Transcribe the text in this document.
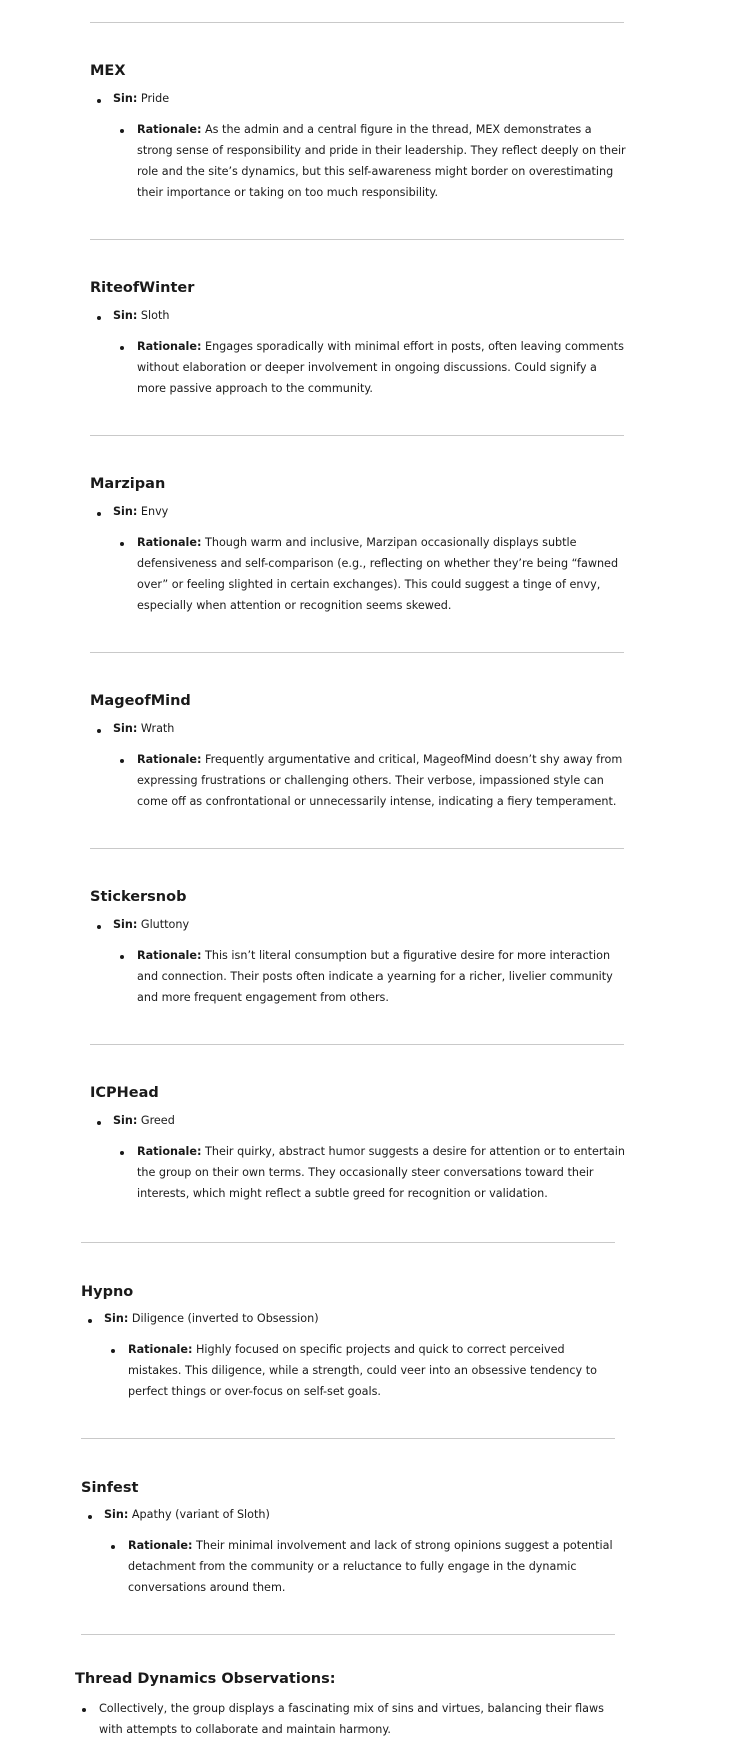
MEX
Sin: Pride
Rationale: As the admin and a central figure in the thread, MEX demonstrates a strong sense of responsibility and pride in their leadership. They reflect deeply on their role and the site’s dynamics, but this self-awareness might border on overestimating their importance or taking on too much responsibility.
RiteofWinter
Sin: Sloth
Rationale: Engages sporadically with minimal effort in posts, often leaving comments without elaboration or deeper involvement in ongoing discussions. Could signify a more passive approach to the community.
Marzipan
Sin: Envy
Rationale: Though warm and inclusive, Marzipan occasionally displays subtle defensiveness and self-comparison (e.g., reflecting on whether they’re being “fawned over” or feeling slighted in certain exchanges). This could suggest a tinge of envy, especially when attention or recognition seems skewed.
MageofMind
Sin: Wrath
Rationale: Frequently argumentative and critical, MageofMind doesn’t shy away from expressing frustrations or challenging others. Their verbose, impassioned style can come off as confrontational or unnecessarily intense, indicating a fiery temperament.
Stickersnob
Sin: Gluttony
Rationale: This isn’t literal consumption but a figurative desire for more interaction and connection. Their posts often indicate a yearning for a richer, livelier community and more frequent engagement from others.
ICPHead
Sin: Greed
Rationale: Their quirky, abstract humor suggests a desire for attention or to entertain the group on their own terms. They occasionally steer conversations toward their interests, which might reflect a subtle greed for recognition or validation.
Hypno
Sin: Diligence (inverted to Obsession)
Rationale: Highly focused on specific projects and quick to correct perceived mistakes. This diligence, while a strength, could veer into an obsessive tendency to perfect things or over-focus on self-set goals.
Sinfest
Sin: Apathy (variant of Sloth)
Rationale: Their minimal involvement and lack of strong opinions suggest a potential detachment from the community or a reluctance to fully engage in the dynamic conversations around them.
Thread Dynamics Observations:
Collectively, the group displays a fascinating mix of sins and virtues, balancing their flaws with attempts to collaborate and maintain harmony.
